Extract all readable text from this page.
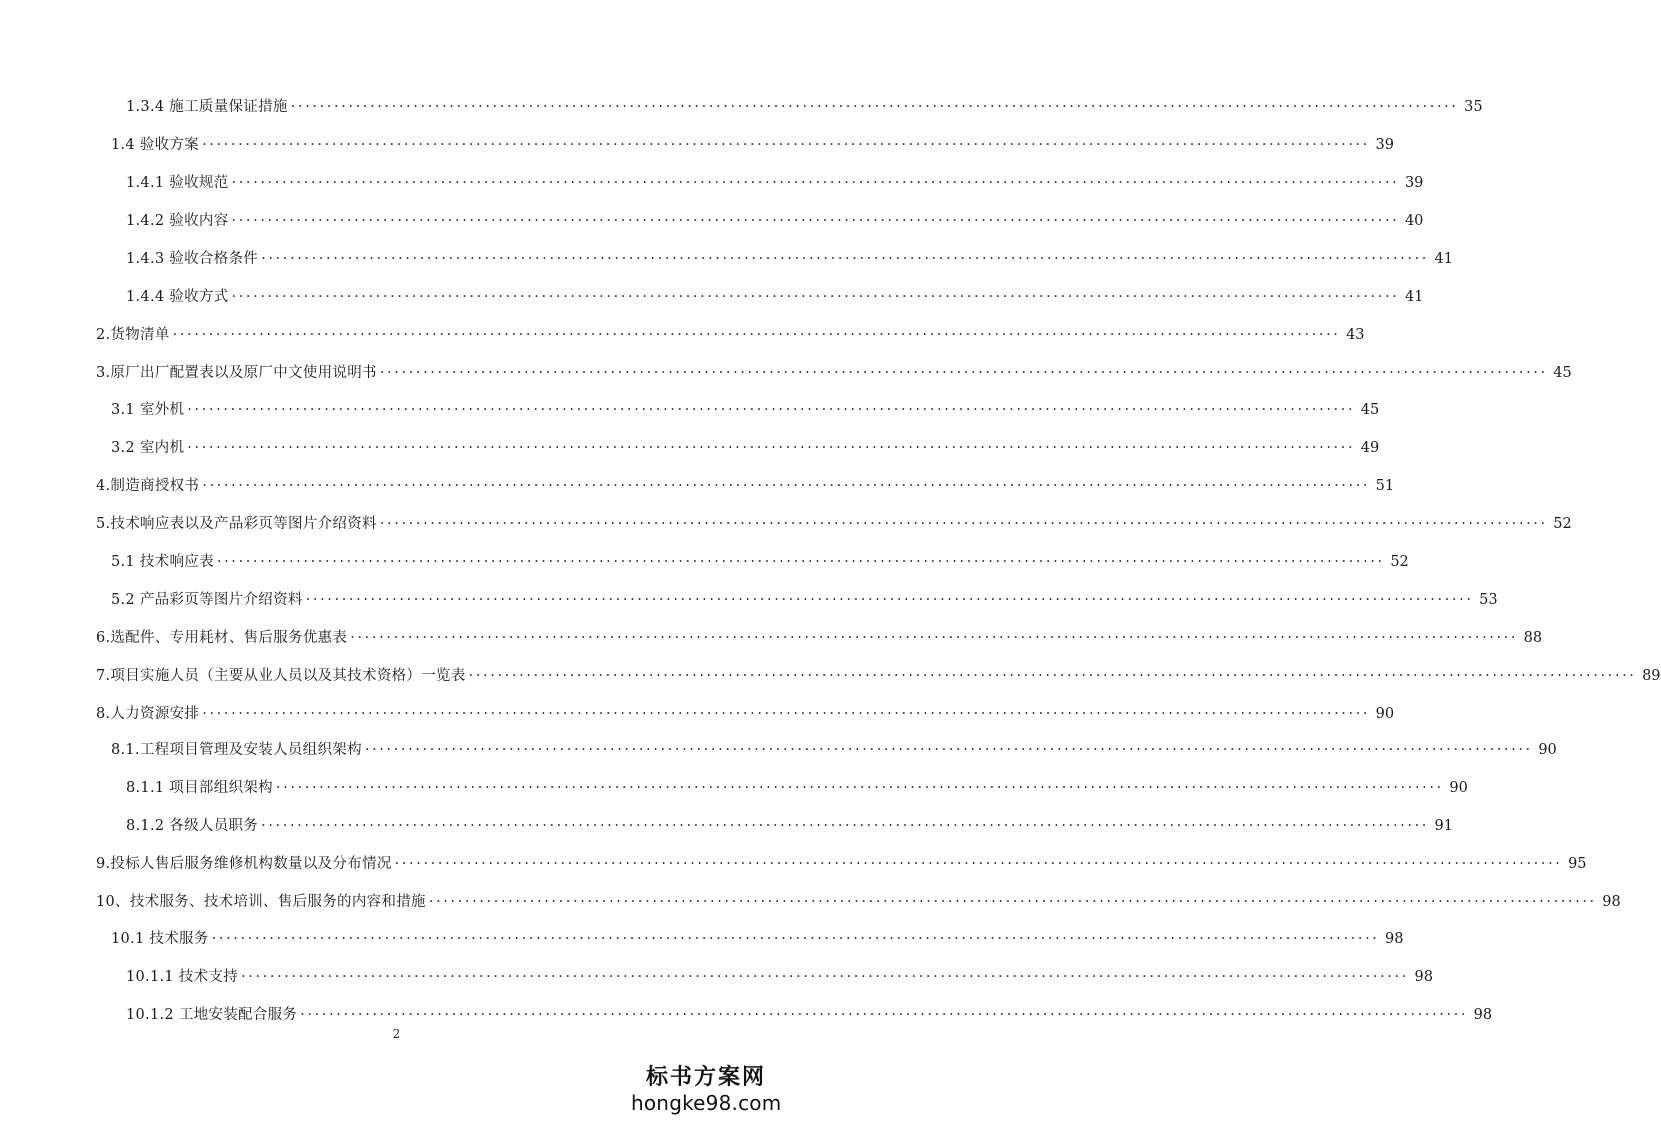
1.3.4 施工质量保证措施 ·································································································································································· 35
1.4 验收方案 ·································································································································································· 39
1.4.1 验收规范 ·································································································································································· 39
1.4.2 验收内容 ·································································································································································· 40
1.4.3 验收合格条件 ·································································································································································· 41
1.4.4 验收方式 ·································································································································································· 41
2.货物清单 ·································································································································································· 43
3.原厂出厂配置表以及原厂中文使用说明书 ·································································································································································· 45
3.1 室外机 ·································································································································································· 45
3.2 室内机 ·································································································································································· 49
4.制造商授权书 ·································································································································································· 51
5.技术响应表以及产品彩页等图片介绍资料 ·································································································································································· 52
5.1 技术响应表 ·································································································································································· 52
5.2 产品彩页等图片介绍资料 ·································································································································································· 53
6.选配件、专用耗材、售后服务优惠表 ·································································································································································· 88
7.项目实施人员（主要从业人员以及其技术资格）一览表 ·································································································································································· 89
8.人力资源安排 ·································································································································································· 90
8.1.工程项目管理及安装人员组织架构 ·································································································································································· 90
8.1.1 项目部组织架构 ·································································································································································· 90
8.1.2 各级人员职务 ·································································································································································· 91
9.投标人售后服务维修机构数量以及分布情况 ·································································································································································· 95
10、技术服务、技术培训、售后服务的内容和措施 ·································································································································································· 98
10.1 技术服务 ·································································································································································· 98
10.1.1 技术支持 ·································································································································································· 98
10.1.2 工地安装配合服务 ·································································································································································· 98
2
标书方案网
hongke98.com
